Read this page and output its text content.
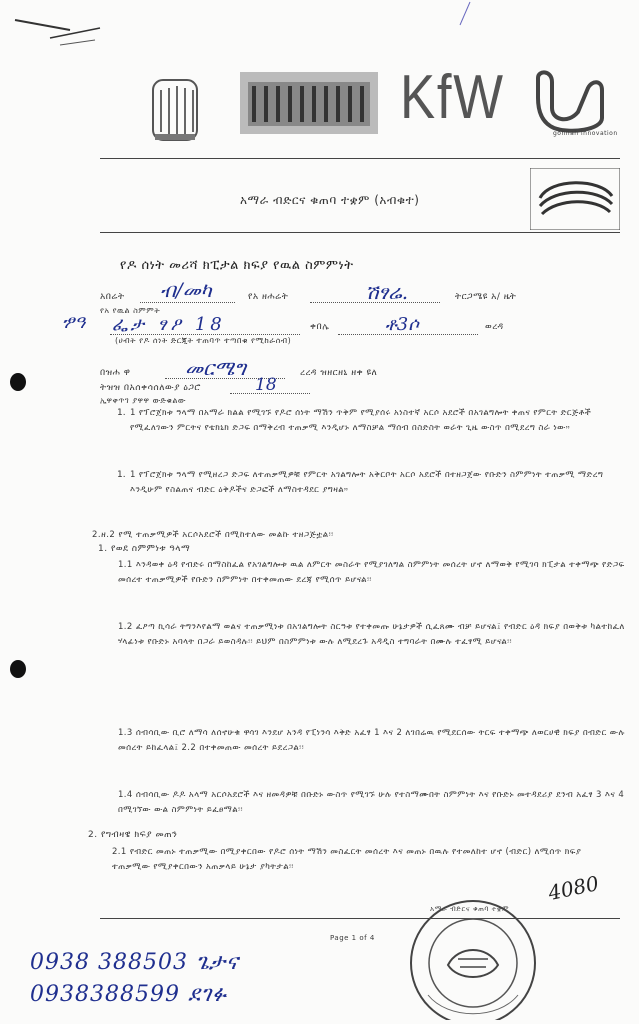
KfW
gonnah innovation
አማራ ብድርና ቁጠባ ተቋም (አብቁተ)
የዶ ሰነት መሪሻ ክፒታል ክፍያ የዉል ስምምነት
አበሬት ብ/መካ	የአ ዘሐሬት	ሽፃሬ.	ትርጋሜዩ አ/ ዜት
የአ የዉል ስምምት
ፇዓ ፌታ ፃዖ 18	ቀበሌ	ቶ3ሶ	ወረዳ
(ሀብት የዶ ሰነት ድርጂት ተጠባጥ ተጣበቁ የሚከራሰብ)
በዝሐ ዋ	መርሜግ	ረረዳ ዝዘርዘኒ ዘቀ ዩለ
ትዝዝ በአሰቀሳሰለውያ ዕጋሮ	18
ኢዋቀጥገ ያዋዋ ውድቁልው
1. 1 የፕሮጀክቱ ዓላማ በአማራ ክልል የሚገኙ የዶሮ ሰነት ማሽን ጥቅም የሚያሰሩ አነስተኛ አርሶ አደሮች በአገልግሎት ቀጠና የምርት ድርጅቶች የሚፈለገውን ምርትና የቴክኒክ ድጋፍ በማቅረብ ተጠቃሚ እንዲሆኑ ለማስቻል ማሰብ በስድስት ወራት ጊዜ ውስጥ በሚደረግ ስራ ነው።
1. 1 የፕሮጀክቱ ዓላማ የሚዘረጋ ድጋፍ ለተጠቃሚዎቹ የምርት አገልግሎት አቅርቦት አርሶ አደሮች በተዘጋጀው የቡድን ስምምነት ተጠቃሚ ማድረግ እንዲሁም የስልጠና ብድር ዕቅዶችና ድጋፎች ለማስተዳደር ያግዛል።
2.ዘ.2 የሚ ተጠቃሚዎች አርሶአደሮች በሚከተለው መልኩ ተዘጋጅቷል፡፡
1. የወደ ስምምነቱ ዓላማ
1.1 እንዳወቀ ዕዳ የብድሩ በማስከፈል የአገልግሎቱ ዉል ለምርት መስራት የሚያገለግል ስምምነት መሰረት ሆኖ ለማወቅ የሚገባ ክፒታል ተቀማጭ የድጋፍ መሰረተ ተጠቃሚዎች የቡድን ስምምነት በተቀመጠው ደረጃ የሚሰጥ ይሆናል፡፡
1.2 ፈዖጣ ኪሳራ ትግንእየልማ ወልና ተጠቃሚነቱ በአገልግሎት ስርዓቱ የተቀመጡ ሁኔታዎች ሲፈጸሙ ብቻ ይሆናል፤ የብድር ዕዳ ክፍያ በወቅቱ ካልተከፈለ ሃላፊነቱ የቡድኑ አባላት በጋራ ይወስዳሉ፡፡ ይህም በስምምነቱ ውሉ ለሚደረጉ አዳዲስ ተግባራት በሙሉ ተፈፃሚ ይሆናል፡፡
1.3 ሰብሳቢው ቢሮ ለማሳ ለሰኖሁቁ ዋሳገ እንደሆ አንዳ የፒነንሳ እቅድ አፈፃ 1 እና 2 ለገበሬዉ የሚደርሰው ትርፍ ተቀማጭ ለወርሀዊ ክፍያ በብድር ውሉ መሰረት ይከፈላል፤ 2.2 በተቀመጠው መሰረት ይደረጋል፡፡
1.4 ሰብሳቢው ዶዶ አላማ አርሶአደሮች እና ዘመዳዎቹ በቡድኑ ውስጥ የሚገኙ ሁሉ የተስማሙበት ስምምነት እና የቡድኑ መተዳደሪያ ደንብ አፈፃ 3 እና 4 በሚገኘው ውል ስምምነት ይፈፀማል፡፡
2. የግብዛዌ ክፍያ መጠን
2.1 የብድር መጠኑ ተጠቃሚው በሚያቀርበው የዶሮ ሰነት ማሽን መስፈርት መሰረት እና መጠኑ በዉሉ የተመለከተ ሆኖ (ብድር) ለሚሰጥ ክፍያ ተጠቃሚው የሚያቀርበውን አጠቃላይ ሁኔታ ያካትታል፡፡
Page 1 of 4
4080
አማራ ብድርና ቁጠባ ተቋም
0938 388503 ጌታና
0938388599 ደገፉ
